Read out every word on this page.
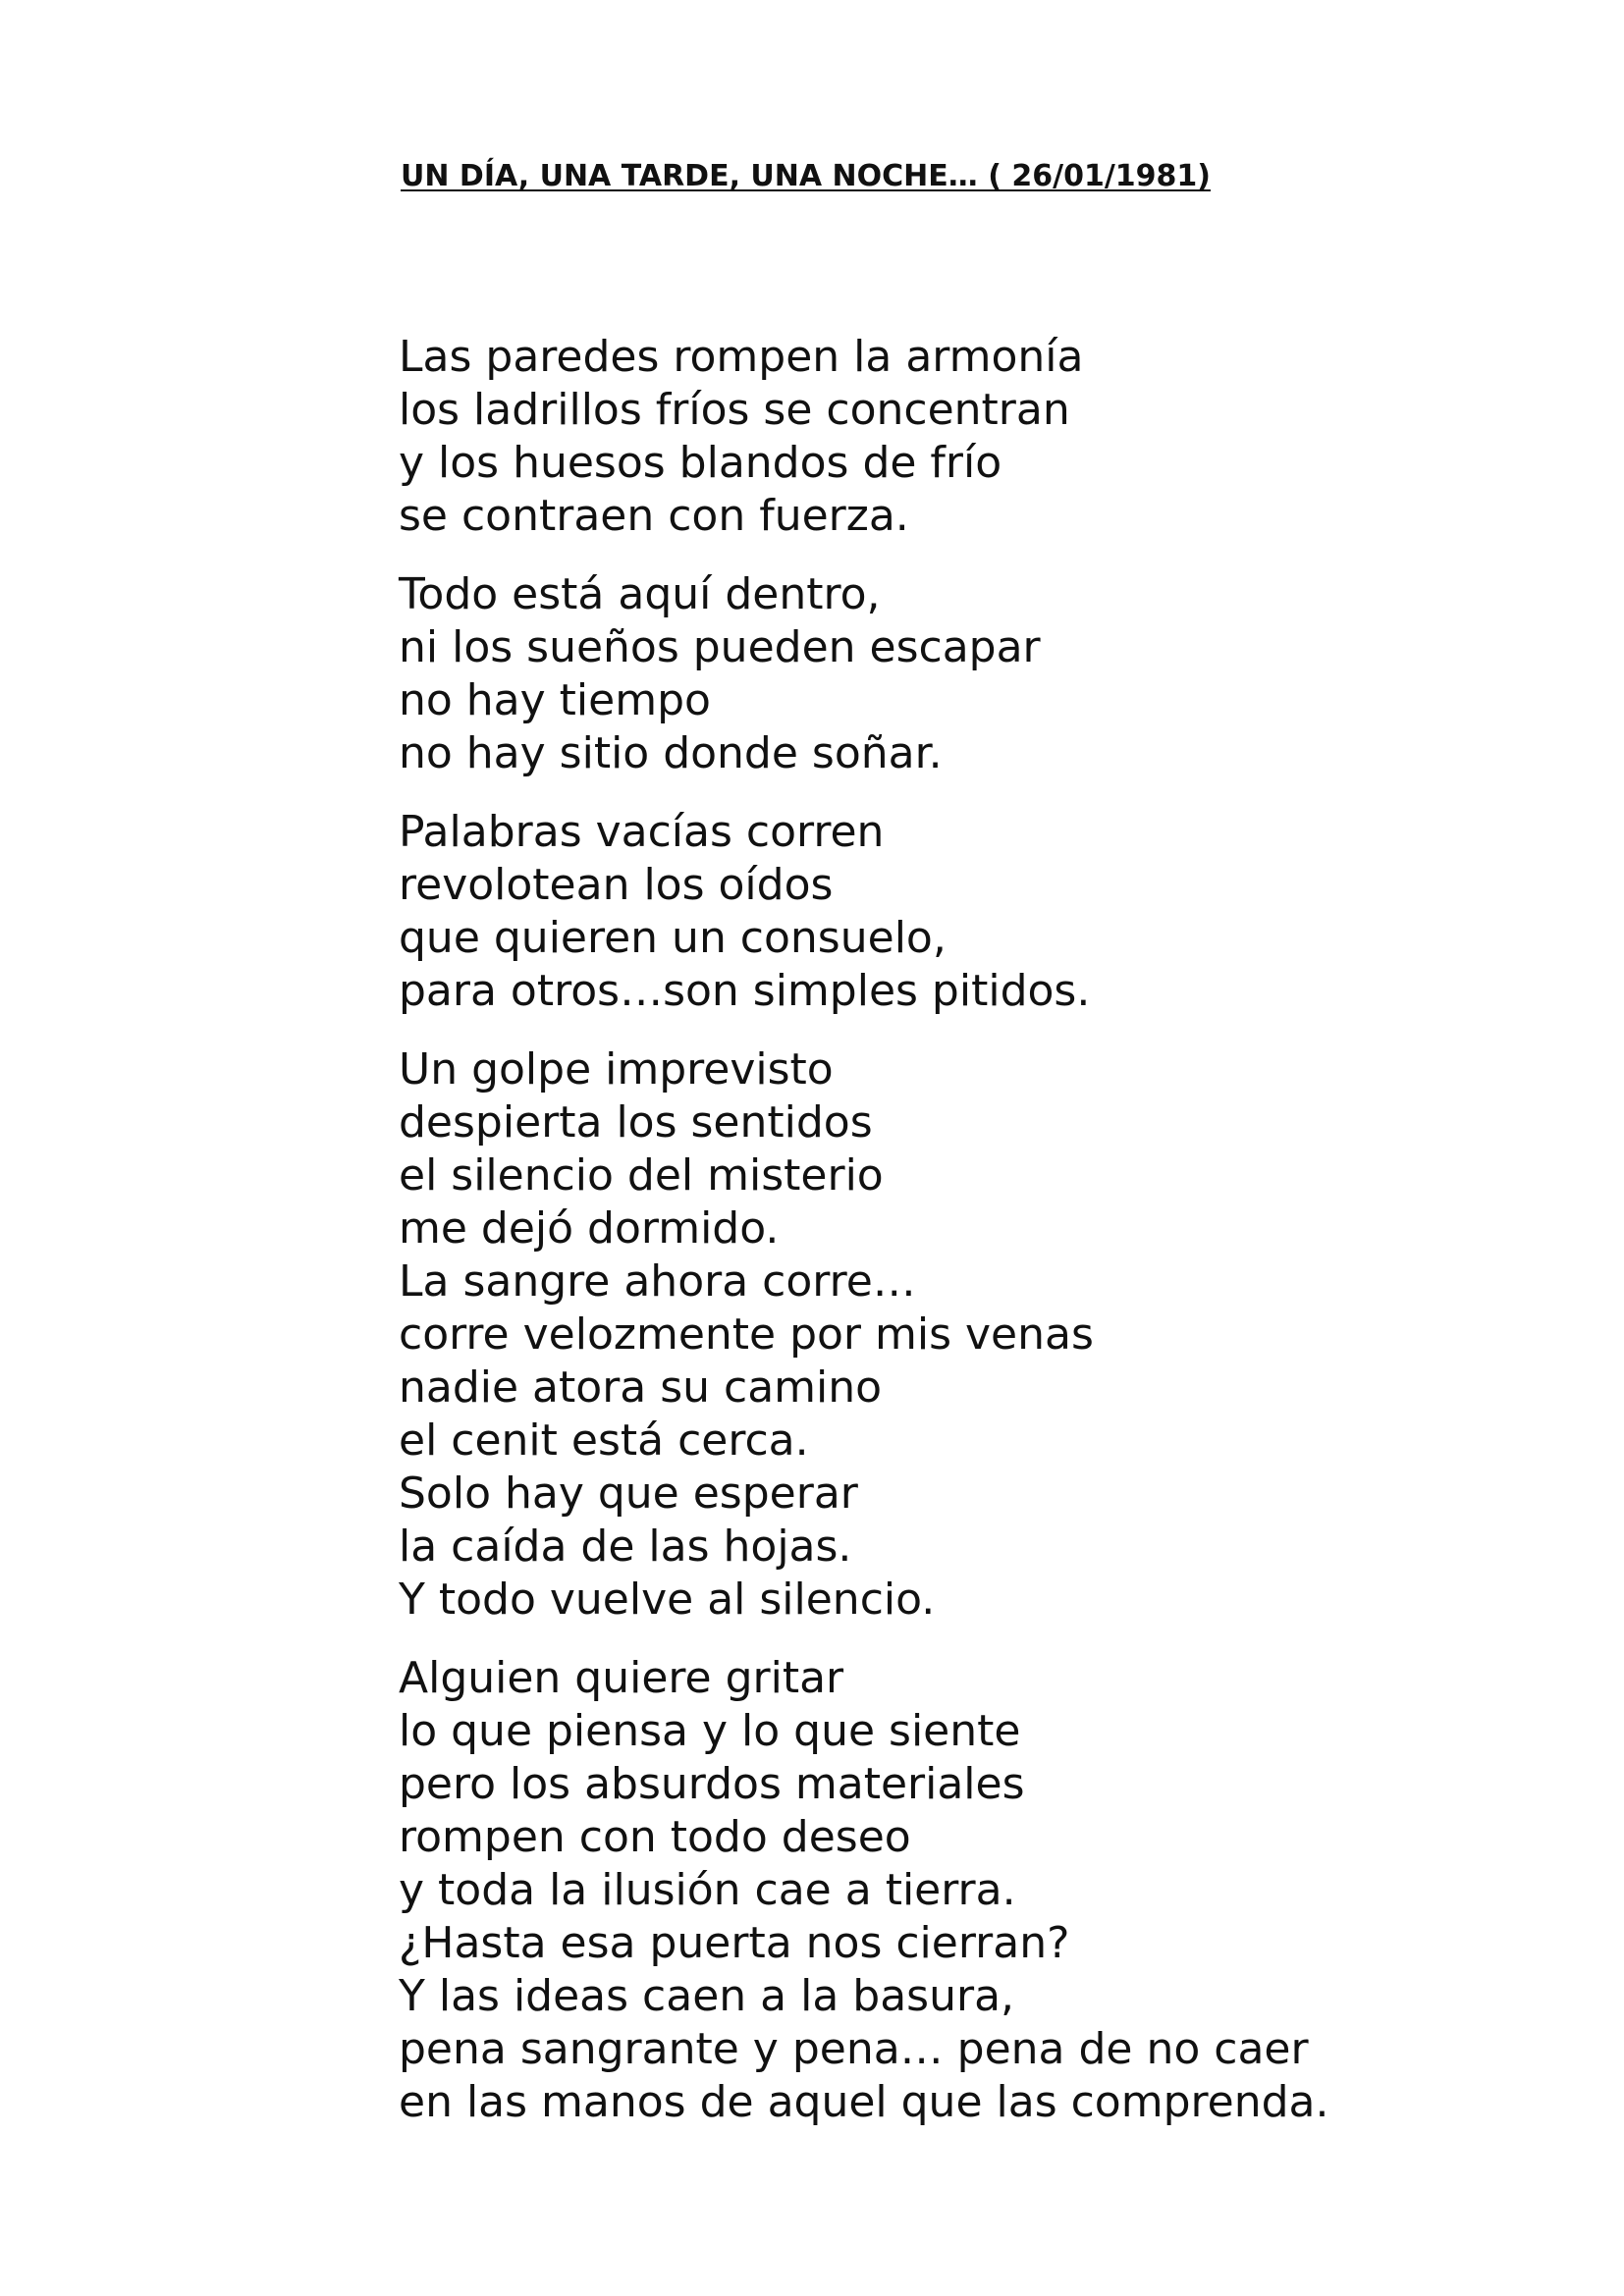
UN DÍA, UNA TARDE, UNA NOCHE… ( 26/01/1981)
Las paredes rompen la armonía
los ladrillos fríos se concentran
y los huesos blandos de frío
se contraen con fuerza.
Todo está aquí dentro,
ni los sueños pueden escapar
no hay tiempo
no hay sitio donde soñar.
Palabras vacías corren
revolotean los oídos
que quieren un consuelo,
para otros…son simples pitidos.
Un golpe imprevisto
despierta los sentidos
el silencio del misterio
me dejó dormido.
La sangre ahora corre…
corre velozmente por mis venas
nadie atora su camino
el cenit está cerca.
Solo hay que esperar
la caída de las hojas.
Y todo vuelve al silencio.
Alguien quiere gritar
lo que piensa y lo que siente
pero los absurdos materiales
rompen con todo deseo
y toda la ilusión cae a tierra.
¿Hasta esa puerta nos cierran?
Y las ideas caen a la basura,
pena sangrante y pena… pena de no caer
en las manos de aquel que las comprenda.
